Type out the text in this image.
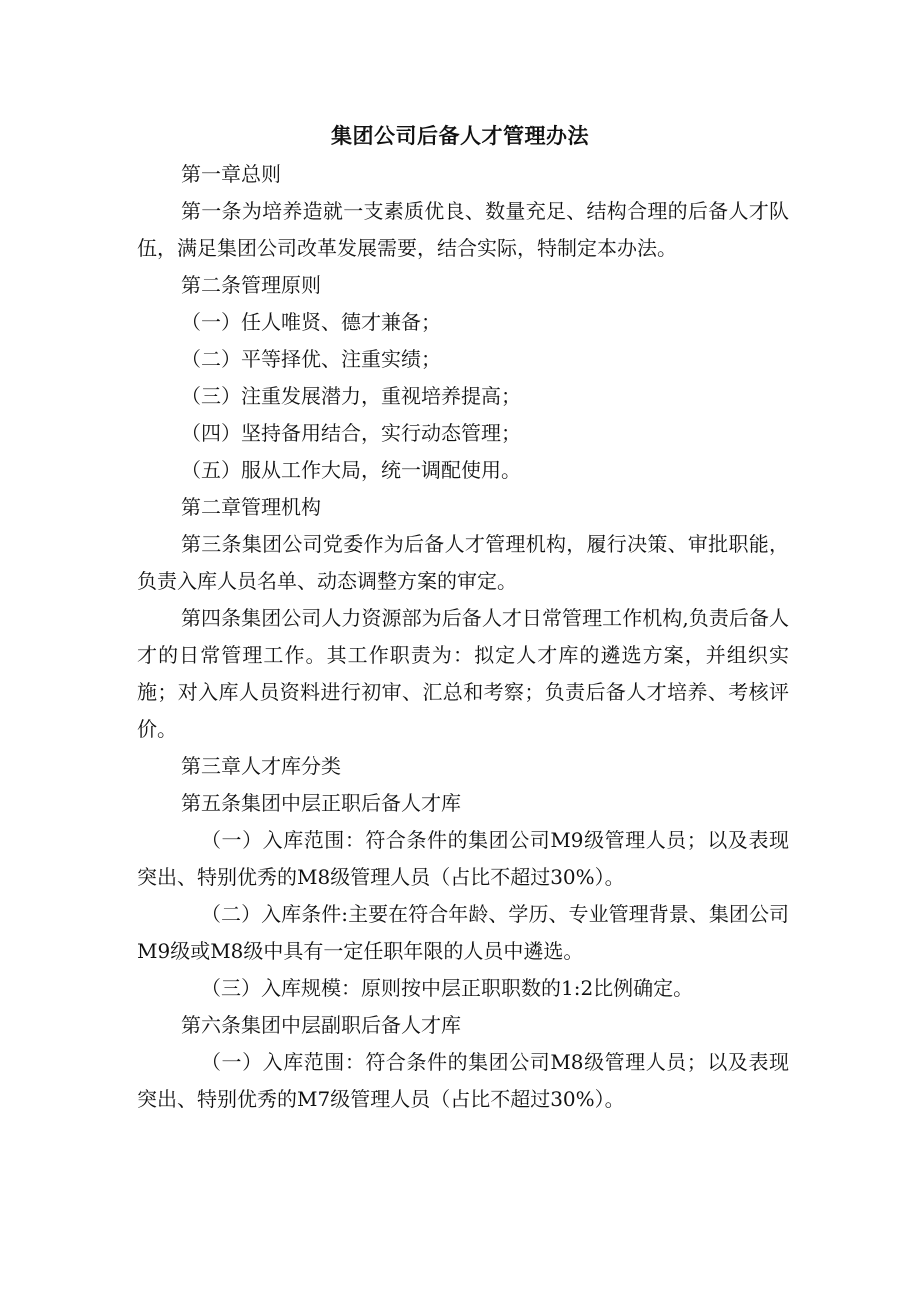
集团公司后备人才管理办法

第一章总则

第一条为培养造就一支素质优良、数量充足、结构合理的后备人才队伍，满足集团公司改革发展需要，结合实际，特制定本办法。

第二条管理原则

（一）任人唯贤、德才兼备；

（二）平等择优、注重实绩；

（三）注重发展潜力，重视培养提高；

（四）坚持备用结合，实行动态管理；

（五）服从工作大局，统一调配使用。

第二章管理机构

第三条集团公司党委作为后备人才管理机构，履行决策、审批职能，负责入库人员名单、动态调整方案的审定。

第四条集团公司人力资源部为后备人才日常管理工作机构,负责后备人才的日常管理工作。其工作职责为：拟定人才库的遴选方案，并组织实施；对入库人员资料进行初审、汇总和考察；负责后备人才培养、考核评价。

第三章人才库分类

第五条集团中层正职后备人才库

（一）入库范围：符合条件的集团公司M9级管理人员；以及表现突出、特别优秀的M8级管理人员（占比不超过30%）。

（二）入库条件:主要在符合年龄、学历、专业管理背景、集团公司M9级或M8级中具有一定任职年限的人员中遴选。

（三）入库规模：原则按中层正职职数的1:2比例确定。

第六条集团中层副职后备人才库

（一）入库范围：符合条件的集团公司M8级管理人员；以及表现突出、特别优秀的M7级管理人员（占比不超过30%）。
